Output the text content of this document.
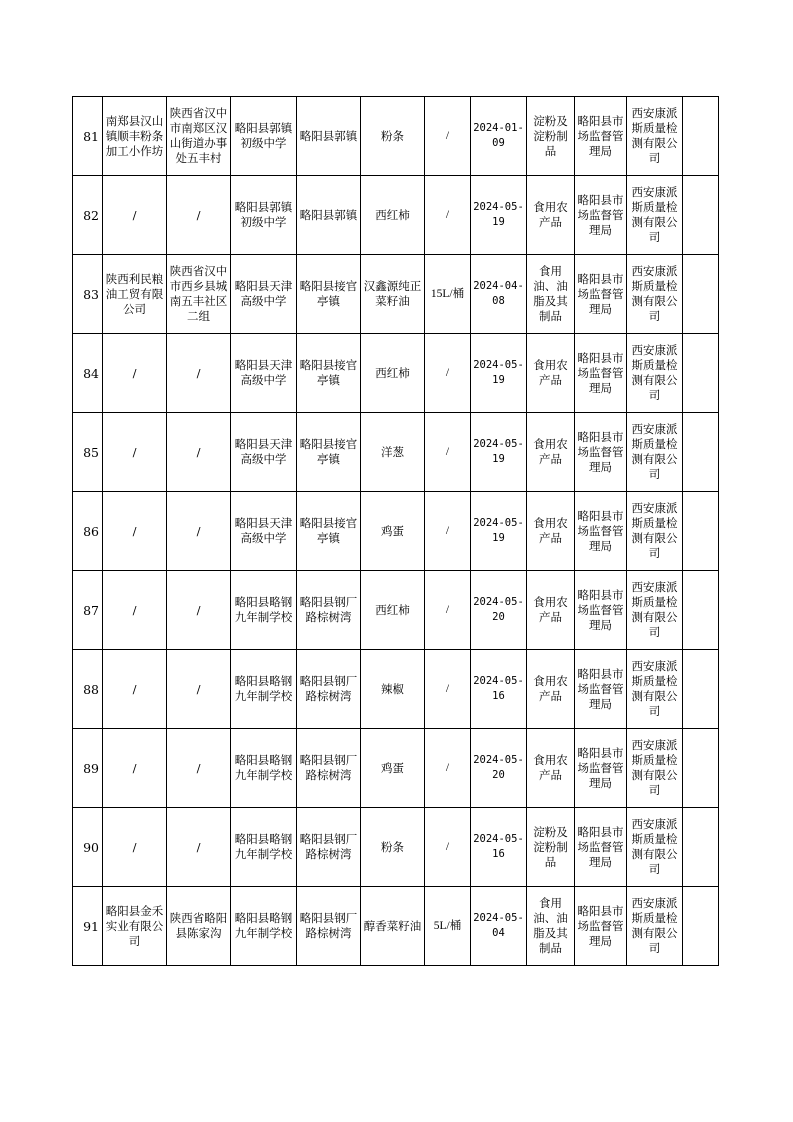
81	南郑县汉山镇顺丰粉条加工小作坊	陕西省汉中市南郑区汉山街道办事处五丰村	略阳县郭镇初级中学	略阳县郭镇	粉条	/	2024-01-09	淀粉及淀粉制品	略阳县市场监督管理局	西安康派斯质量检测有限公司	
82	/	/	略阳县郭镇初级中学	略阳县郭镇	西红柿	/	2024-05-19	食用农产品	略阳县市场监督管理局	西安康派斯质量检测有限公司	
83	陕西利民粮油工贸有限公司	陕西省汉中市西乡县城南五丰社区二组	略阳县天津高级中学	略阳县接官亭镇	汉鑫源纯正菜籽油	15L/桶	2024-04-08	食用油、油脂及其制品	略阳县市场监督管理局	西安康派斯质量检测有限公司	
84	/	/	略阳县天津高级中学	略阳县接官亭镇	西红柿	/	2024-05-19	食用农产品	略阳县市场监督管理局	西安康派斯质量检测有限公司	
85	/	/	略阳县天津高级中学	略阳县接官亭镇	洋葱	/	2024-05-19	食用农产品	略阳县市场监督管理局	西安康派斯质量检测有限公司	
86	/	/	略阳县天津高级中学	略阳县接官亭镇	鸡蛋	/	2024-05-19	食用农产品	略阳县市场监督管理局	西安康派斯质量检测有限公司	
87	/	/	略阳县略钢九年制学校	略阳县钢厂路棕树湾	西红柿	/	2024-05-20	食用农产品	略阳县市场监督管理局	西安康派斯质量检测有限公司	
88	/	/	略阳县略钢九年制学校	略阳县钢厂路棕树湾	辣椒	/	2024-05-16	食用农产品	略阳县市场监督管理局	西安康派斯质量检测有限公司	
89	/	/	略阳县略钢九年制学校	略阳县钢厂路棕树湾	鸡蛋	/	2024-05-20	食用农产品	略阳县市场监督管理局	西安康派斯质量检测有限公司	
90	/	/	略阳县略钢九年制学校	略阳县钢厂路棕树湾	粉条	/	2024-05-16	淀粉及淀粉制品	略阳县市场监督管理局	西安康派斯质量检测有限公司	
91	略阳县金禾实业有限公司	陕西省略阳县陈家沟	略阳县略钢九年制学校	略阳县钢厂路棕树湾	醇香菜籽油	5L/桶	2024-05-04	食用油、油脂及其制品	略阳县市场监督管理局	西安康派斯质量检测有限公司	
